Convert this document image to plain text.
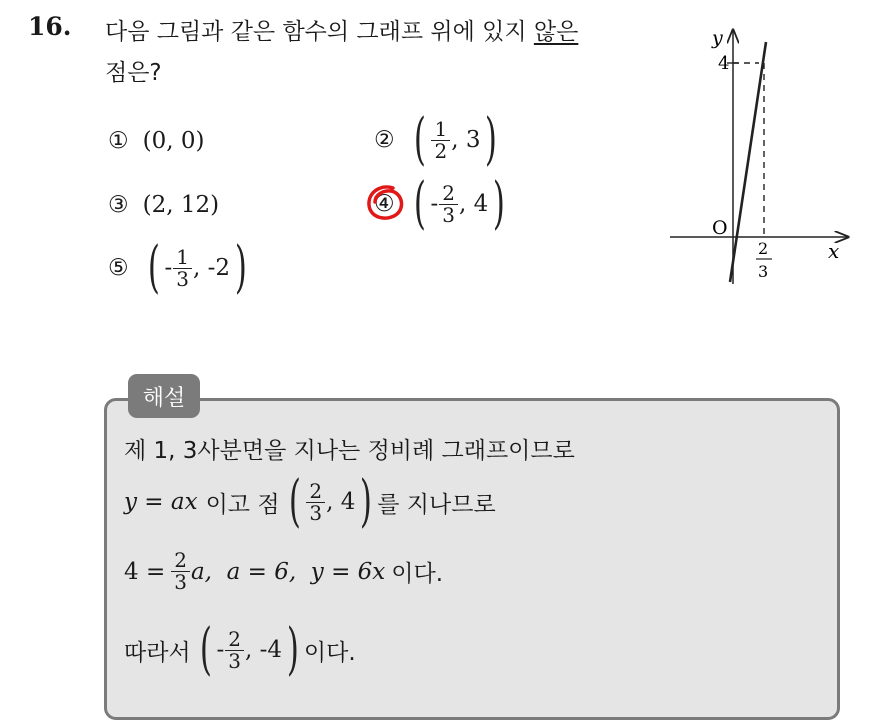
16. 다음 그림과 같은 함수의 그래프 위에 있지 않은
점은?
① (0, 0)	② ( $\frac{1}{2}$ , 3 )
③ (2, 12)	④ ( - $\frac{2}{3}$ , 4 )
⑤ ( - $\frac{1}{3}$ , -2 )
y
4
O
x
2
3
해설
제 1, 3사분면을 지나는 정비례 그래프이므로
y = ax 이고 점 ( $\frac{2}{3}$ , 4 ) 를 지나므로
$4 = \frac{2}{3} a$,  a = 6,  y = 6x 이다.
따라서 ( - $\frac{2}{3}$ , -4 ) 이다.
